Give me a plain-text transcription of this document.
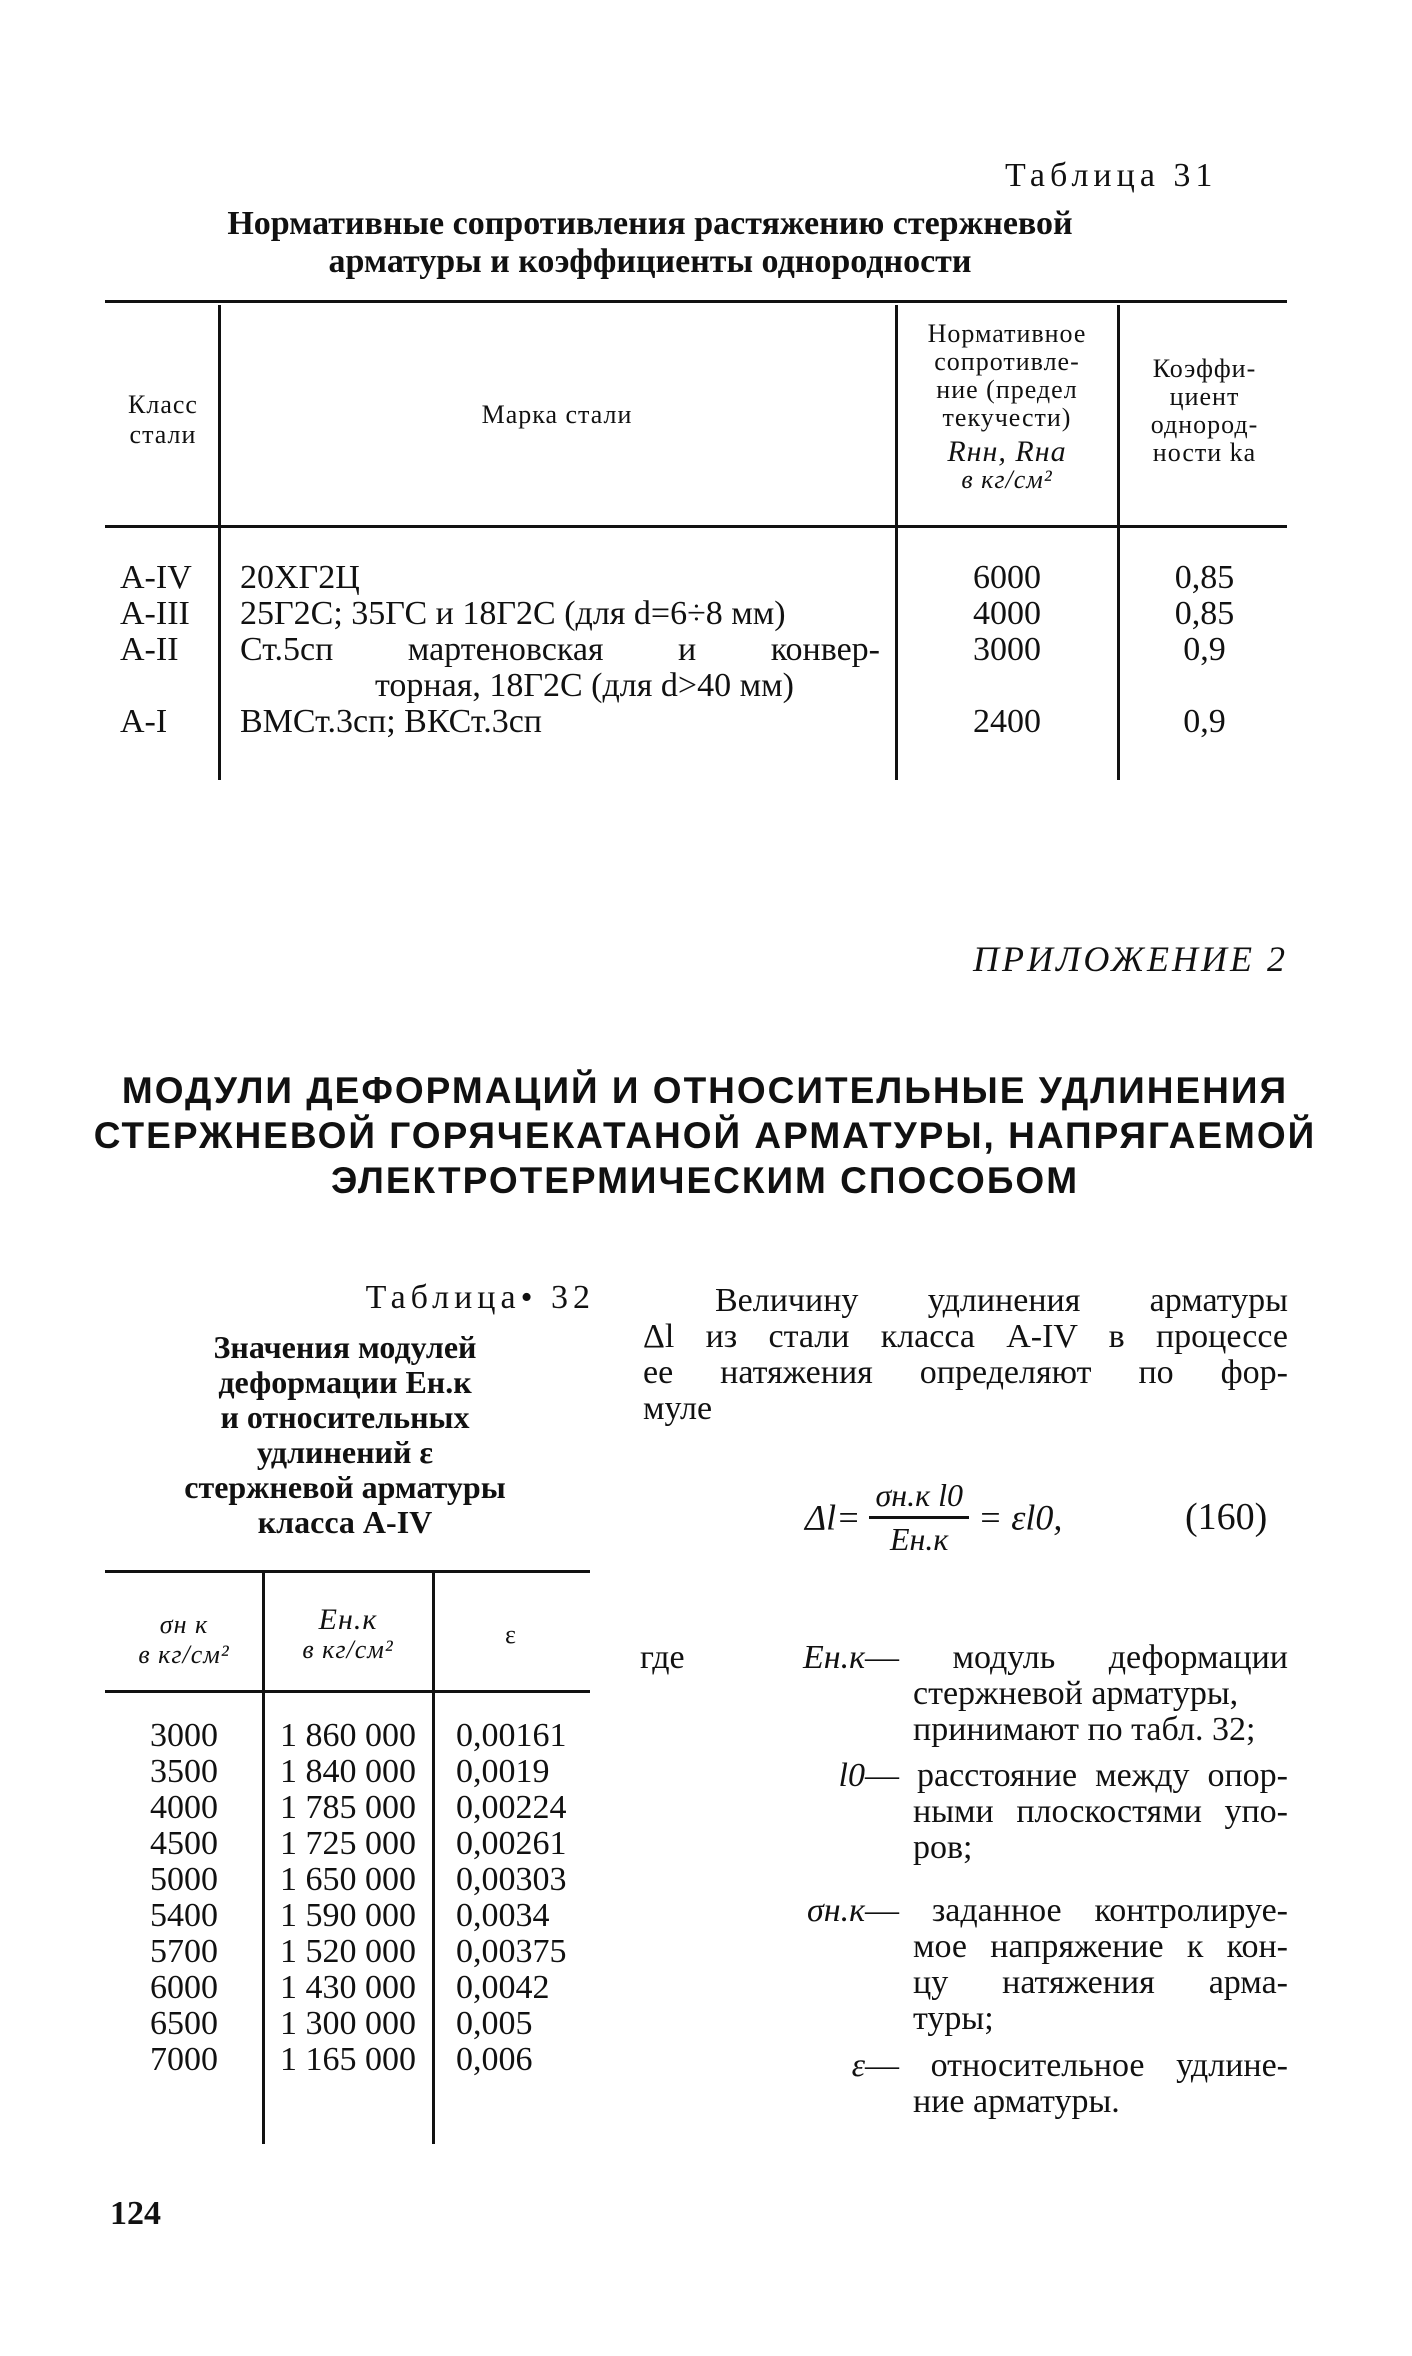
Таблица 31
Нормативные сопротивления растяжению стержневой
арматуры и коэффициенты однородности
Класс
стали
Марка стали
Нормативное
сопротивле-
ние (предел
текучести)
Rнн, Rна
в кг/см²
Коэффи-
циент
однород-
ности kа
A-IV
A-III
A-II
A-I
20ХГ2Ц
25Г2С; 35ГС и 18Г2С (для d=6÷8 мм)
Ст.5сп мартеновская и конвер-
торная, 18Г2С (для d>40 мм)
ВМСт.3сп; ВКСт.3сп
6000
4000
3000
2400
0,85
0,85
0,9
0,9
ПРИЛОЖЕНИЕ 2
МОДУЛИ ДЕФОРМАЦИЙ И ОТНОСИТЕЛЬНЫЕ УДЛИНЕНИЯ
СТЕРЖНЕВОЙ ГОРЯЧЕКАТАНОЙ АРМАТУРЫ, НАПРЯГАЕМОЙ
ЭЛЕКТРОТЕРМИЧЕСКИМ СПОСОБОМ
Таблица• 32
Значения модулей
деформации Eн.к
и относительных
удлинений ε
стержневой арматуры
класса A-IV
σн к
в кг/см²
Eн.к
в кг/см²
ε
3000
3500
4000
4500
5000
5400
5700
6000
6500
7000
1 860 000
1 840 000
1 785 000
1 725 000
1 650 000
1 590 000
1 520 000
1 430 000
1 300 000
1 165 000
0,00161
0,0019
0,00224
0,00261
0,00303
0,0034
0,00375
0,0042
0,005
0,006
Величину удлинения арматуры
Δl из стали класса A-IV в процессе
ее натяжения определяют по фор-
муле
$\Delta l= \frac{\text{σн.к l0}}{Eн.к} = \varepsilon l0$,	(160)
где	Eн.к — модуль деформации
стержневой арматуры,
принимают по табл. 32;
l0 — расстояние между опор-
ными плоскостями упо-
ров;
σн.к — заданное контролируе-
мое напряжение к кон-
цу натяжения арма-
туры;
ε — относительное удлине-
ние арматуры.
124
